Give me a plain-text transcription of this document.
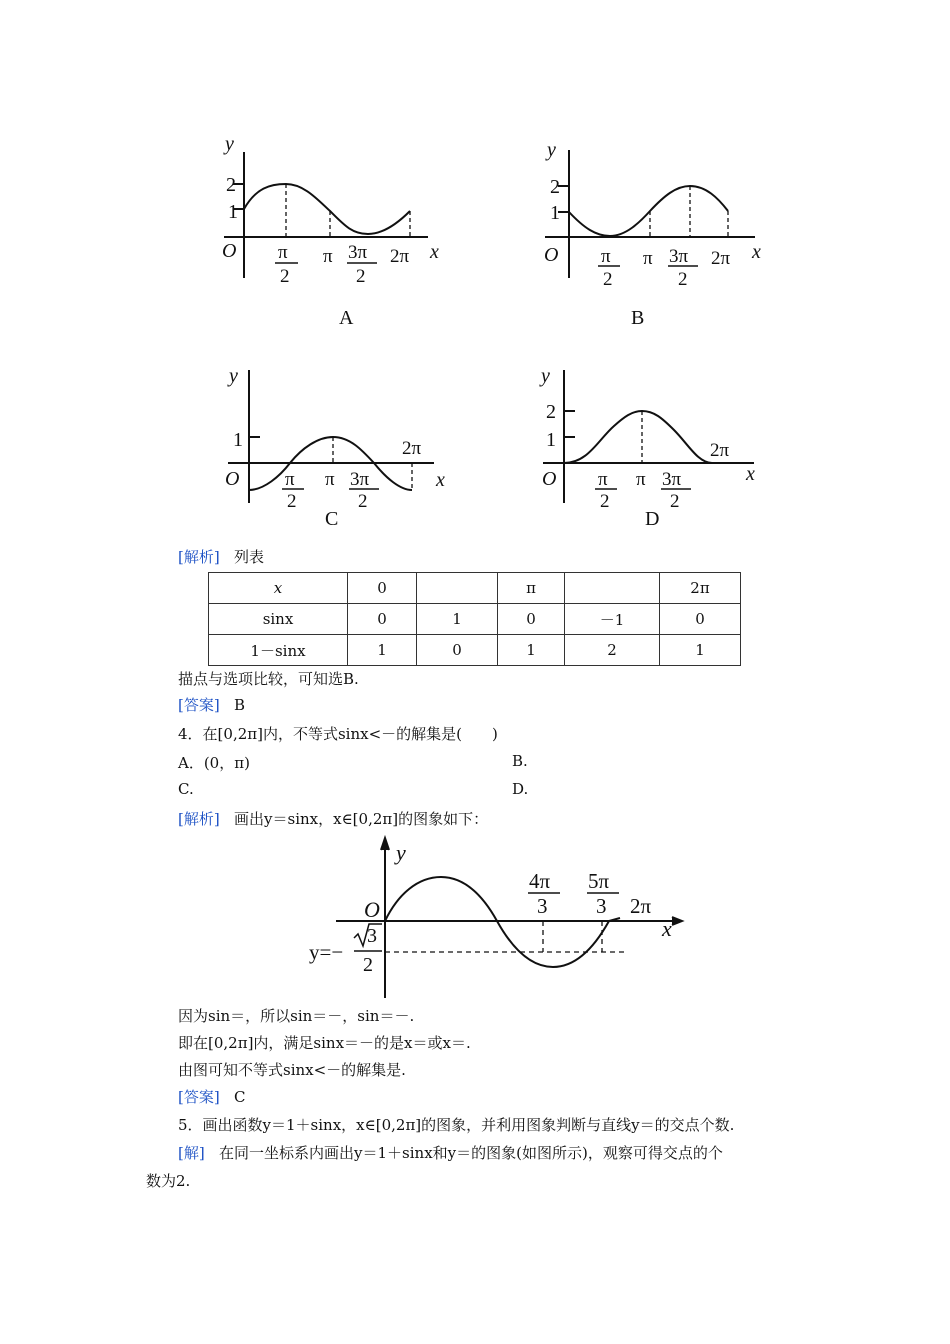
y
2
1
O	x
π
2
π 3π
2
2π
A
y
2
1
O	x
π
2
π 3π
2
2π
B
y
1
O	x
π
2
π 3π
2
2π
C
y
2
1
O	x
π
2
π 3π
2
2π
D
[解析] 列表
x	0		π		2π
sinx	0	1	0	－1	0
1－sinx	1	0	1	2	1
描点与选项比较，可知选B.
[答案] B
4．在[0,2π]内，不等式sinx<－的解集是(　　)
A．(0，π)	B.
C.	D.
[解析] 画出y＝sinx，x∈[0,2π]的图象如下：
y
O
x
4π
3
5π
3 2π
y=−
3
2
因为sin＝，所以sin＝－，sin＝－.
即在[0,2π]内，满足sinx＝－的是x＝或x＝.
由图可知不等式sinx<－的解集是.
[答案] C
5．画出函数y＝1＋sinx，x∈[0,2π]的图象，并利用图象判断与直线y＝的交点个数.
[解] 在同一坐标系内画出y＝1＋sinx和y＝的图象(如图所示)，观察可得交点的个
数为2.
